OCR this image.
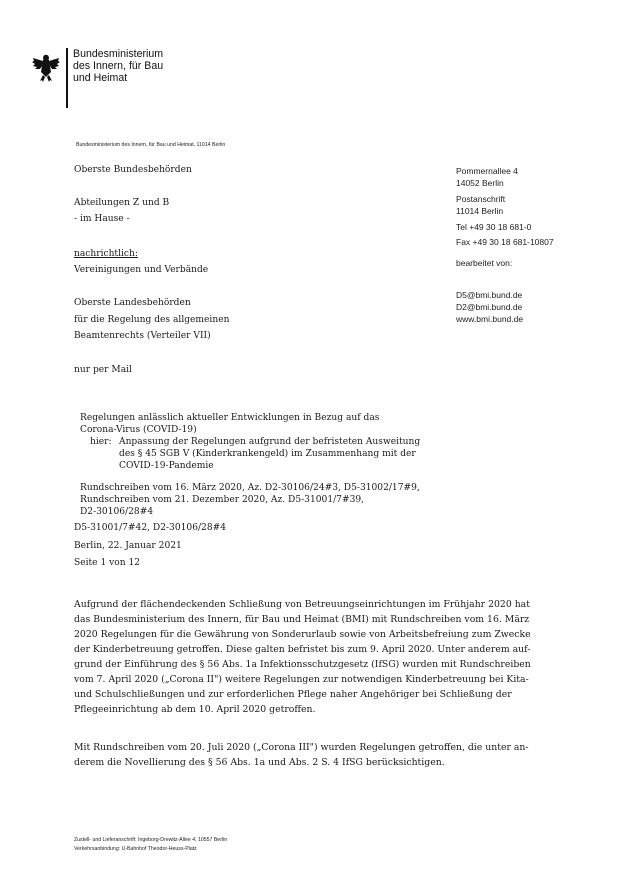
Bundesministerium
des Innern, für Bau
und Heimat
Bundesministerium des Innern, für Bau und Heimat, 11014 Berlin
Oberste Bundesbehörden
Abteilungen Z und B
- im Hause -
nachrichtlich:
Vereinigungen und Verbände
Oberste Landesbehörden
für die Regelung des allgemeinen
Beamtenrechts (Verteiler VII)
nur per Mail
Pommernallee 4
14052 Berlin
Postanschrift
11014 Berlin
Tel +49 30 18 681-0
Fax +49 30 18 681-10807
bearbeitet von:
D5@bmi.bund.de
D2@bmi.bund.de
www.bmi.bund.de
Regelungen anlässlich aktueller Entwicklungen in Bezug auf das
Corona-Virus (COVID-19)
hier: Anpassung der Regelungen aufgrund der befristeten Ausweitung
des § 45 SGB V (Kinderkrankengeld) im Zusammenhang mit der
COVID-19-Pandemie
Rundschreiben vom 16. März 2020, Az. D2-30106/24#3, D5-31002/17#9,
Rundschreiben vom 21. Dezember 2020, Az. D5-31001/7#39,
D2-30106/28#4
D5-31001/7#42, D2-30106/28#4
Berlin, 22. Januar 2021
Seite 1 von 12
Aufgrund der flächendeckenden Schließung von Betreuungseinrichtungen im Frühjahr 2020 hat
das Bundesministerium des Innern, für Bau und Heimat (BMI) mit Rundschreiben vom 16. März
2020 Regelungen für die Gewährung von Sonderurlaub sowie von Arbeitsbefreiung zum Zwecke
der Kinderbetreuung getroffen. Diese galten befristet bis zum 9. April 2020. Unter anderem auf-
grund der Einführung des § 56 Abs. 1a Infektionsschutzgesetz (IfSG) wurden mit Rundschreiben
vom 7. April 2020 („Corona II") weitere Regelungen zur notwendigen Kinderbetreuung bei Kita-
und Schulschließungen und zur erforderlichen Pflege naher Angehöriger bei Schließung der
Pflegeeinrichtung ab dem 10. April 2020 getroffen.
Mit Rundschreiben vom 20. Juli 2020 („Corona III") wurden Regelungen getroffen, die unter an-
derem die Novellierung des § 56 Abs. 1a und Abs. 2 S. 4 IfSG berücksichtigen.
Zustell- und Lieferanschrift: Ingeborg-Drewitz-Allee 4, 10557 Berlin
Verkehrsanbindung: U-Bahnhof Theodor-Heuss-Platz
